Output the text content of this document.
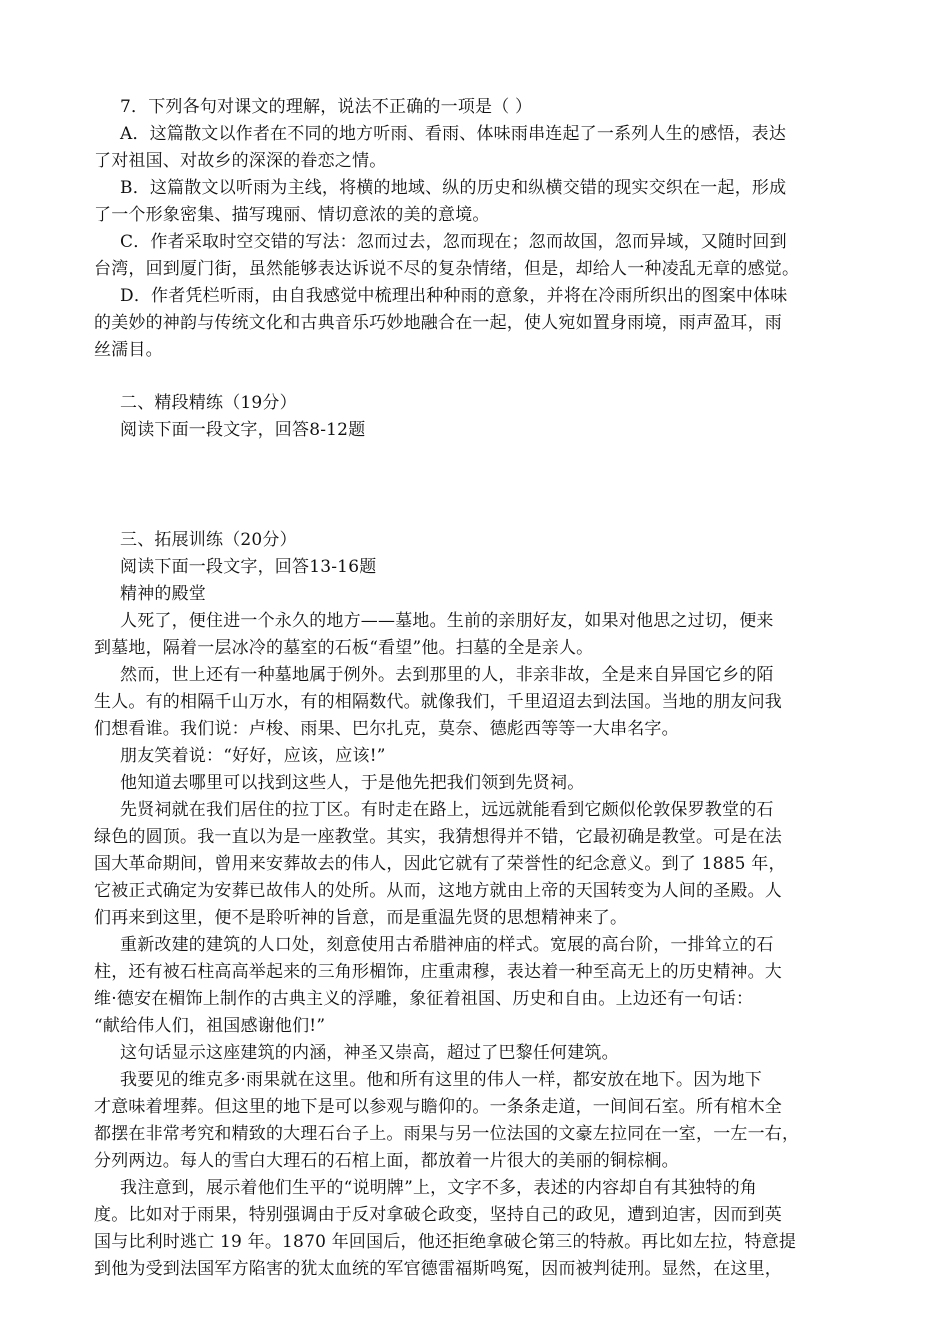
7．下列各句对课文的理解，说法不正确的一项是（ ）
A．这篇散文以作者在不同的地方听雨、看雨、体味雨串连起了一系列人生的感悟，表达
了对祖国、对故乡的深深的眷恋之情。
B．这篇散文以听雨为主线，将横的地域、纵的历史和纵横交错的现实交织在一起，形成
了一个形象密集、描写瑰丽、情切意浓的美的意境。
C．作者采取时空交错的写法：忽而过去，忽而现在；忽而故国，忽而异域，又随时回到
台湾，回到厦门街，虽然能够表达诉说不尽的复杂情绪，但是，却给人一种凌乱无章的感觉。
D．作者凭栏听雨，由自我感觉中梳理出种种雨的意象，并将在冷雨所织出的图案中体味
的美妙的神韵与传统文化和古典音乐巧妙地融合在一起，使人宛如置身雨境，雨声盈耳，雨
丝濡目。
二、精段精练（19分）
阅读下面一段文字，回答8-12题
三、拓展训练（20分）
阅读下面一段文字，回答13-16题
精神的殿堂
人死了，便住进一个永久的地方——墓地。生前的亲朋好友，如果对他思之过切，便来
到墓地，隔着一层冰冷的墓室的石板“看望”他。扫墓的全是亲人。
然而，世上还有一种墓地属于例外。去到那里的人，非亲非故，全是来自异国它乡的陌
生人。有的相隔千山万水，有的相隔数代。就像我们，千里迢迢去到法国。当地的朋友问我
们想看谁。我们说：卢梭、雨果、巴尔扎克，莫奈、德彪西等等一大串名字。
朋友笑着说：“好好，应该，应该!”
他知道去哪里可以找到这些人，于是他先把我们领到先贤祠。
先贤祠就在我们居住的拉丁区。有时走在路上，远远就能看到它颇似伦敦保罗教堂的石
绿色的圆顶。我一直以为是一座教堂。其实，我猜想得并不错，它最初确是教堂。可是在法
国大革命期间，曾用来安葬故去的伟人，因此它就有了荣誉性的纪念意义。到了 1885 年，
它被正式确定为安葬已故伟人的处所。从而，这地方就由上帝的天国转变为人间的圣殿。人
们再来到这里，便不是聆听神的旨意，而是重温先贤的思想精神来了。
重新改建的建筑的人口处，刻意使用古希腊神庙的样式。宽展的高台阶，一排耸立的石
柱，还有被石柱高高举起来的三角形楣饰，庄重肃穆，表达着一种至高无上的历史精神。大
维·德安在楣饰上制作的古典主义的浮雕，象征着祖国、历史和自由。上边还有一句话：
“献给伟人们，祖国感谢他们!”
这句话显示这座建筑的内涵，神圣又崇高，超过了巴黎任何建筑。
我要见的维克多·雨果就在这里。他和所有这里的伟人一样，都安放在地下。因为地下
才意味着埋葬。但这里的地下是可以参观与瞻仰的。一条条走道，一间间石室。所有棺木全
都摆在非常考究和精致的大理石台子上。雨果与另一位法国的文豪左拉同在一室，一左一右，
分列两边。每人的雪白大理石的石棺上面，都放着一片很大的美丽的铜棕榈。
我注意到，展示着他们生平的“说明牌”上，文字不多，表述的内容却自有其独特的角
度。比如对于雨果，特别强调由于反对拿破仑政变，坚持自己的政见，遭到迫害，因而到英
国与比利时逃亡 19 年。1870 年回国后，他还拒绝拿破仑第三的特赦。再比如左拉，特意提
到他为受到法国军方陷害的犹太血统的军官德雷福斯鸣冤，因而被判徒刑。显然，在这里，
